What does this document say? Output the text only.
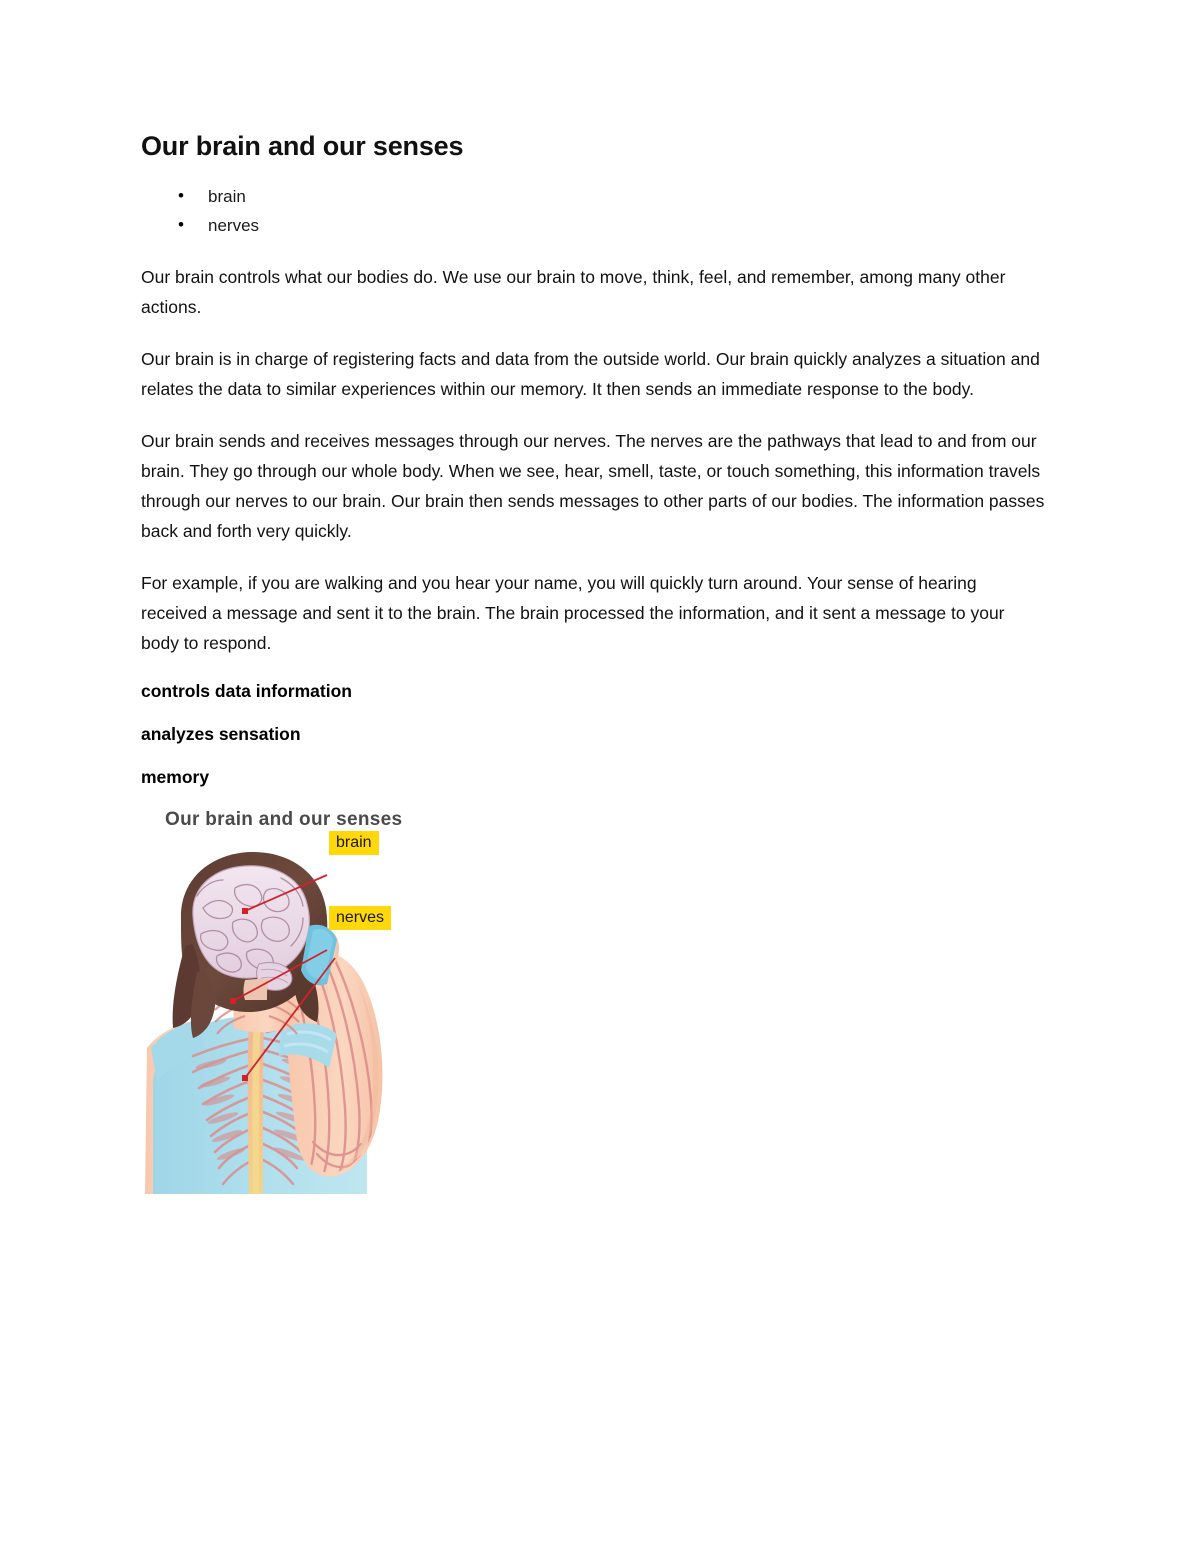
Our brain and our senses
• brain
• nerves

Our brain controls what our bodies do. We use our brain to move, think, feel, and remember, among many other actions.

Our brain is in charge of registering facts and data from the outside world. Our brain quickly analyzes a situation and relates the data to similar experiences within our memory. It then sends an immediate response to the body.

Our brain sends and receives messages through our nerves. The nerves are the pathways that lead to and from our brain. They go through our whole body. When we see, hear, smell, taste, or touch something, this information travels through our nerves to our brain. Our brain then sends messages to other parts of our bodies. The information passes back and forth very quickly.

For example, if you are walking and you hear your name, you will quickly turn around. Your sense of hearing received a message and sent it to the brain. The brain processed the information, and it sent a message to your body to respond.

controls data information

analyzes sensation

memory

Our brain and our senses
brain
nerves
